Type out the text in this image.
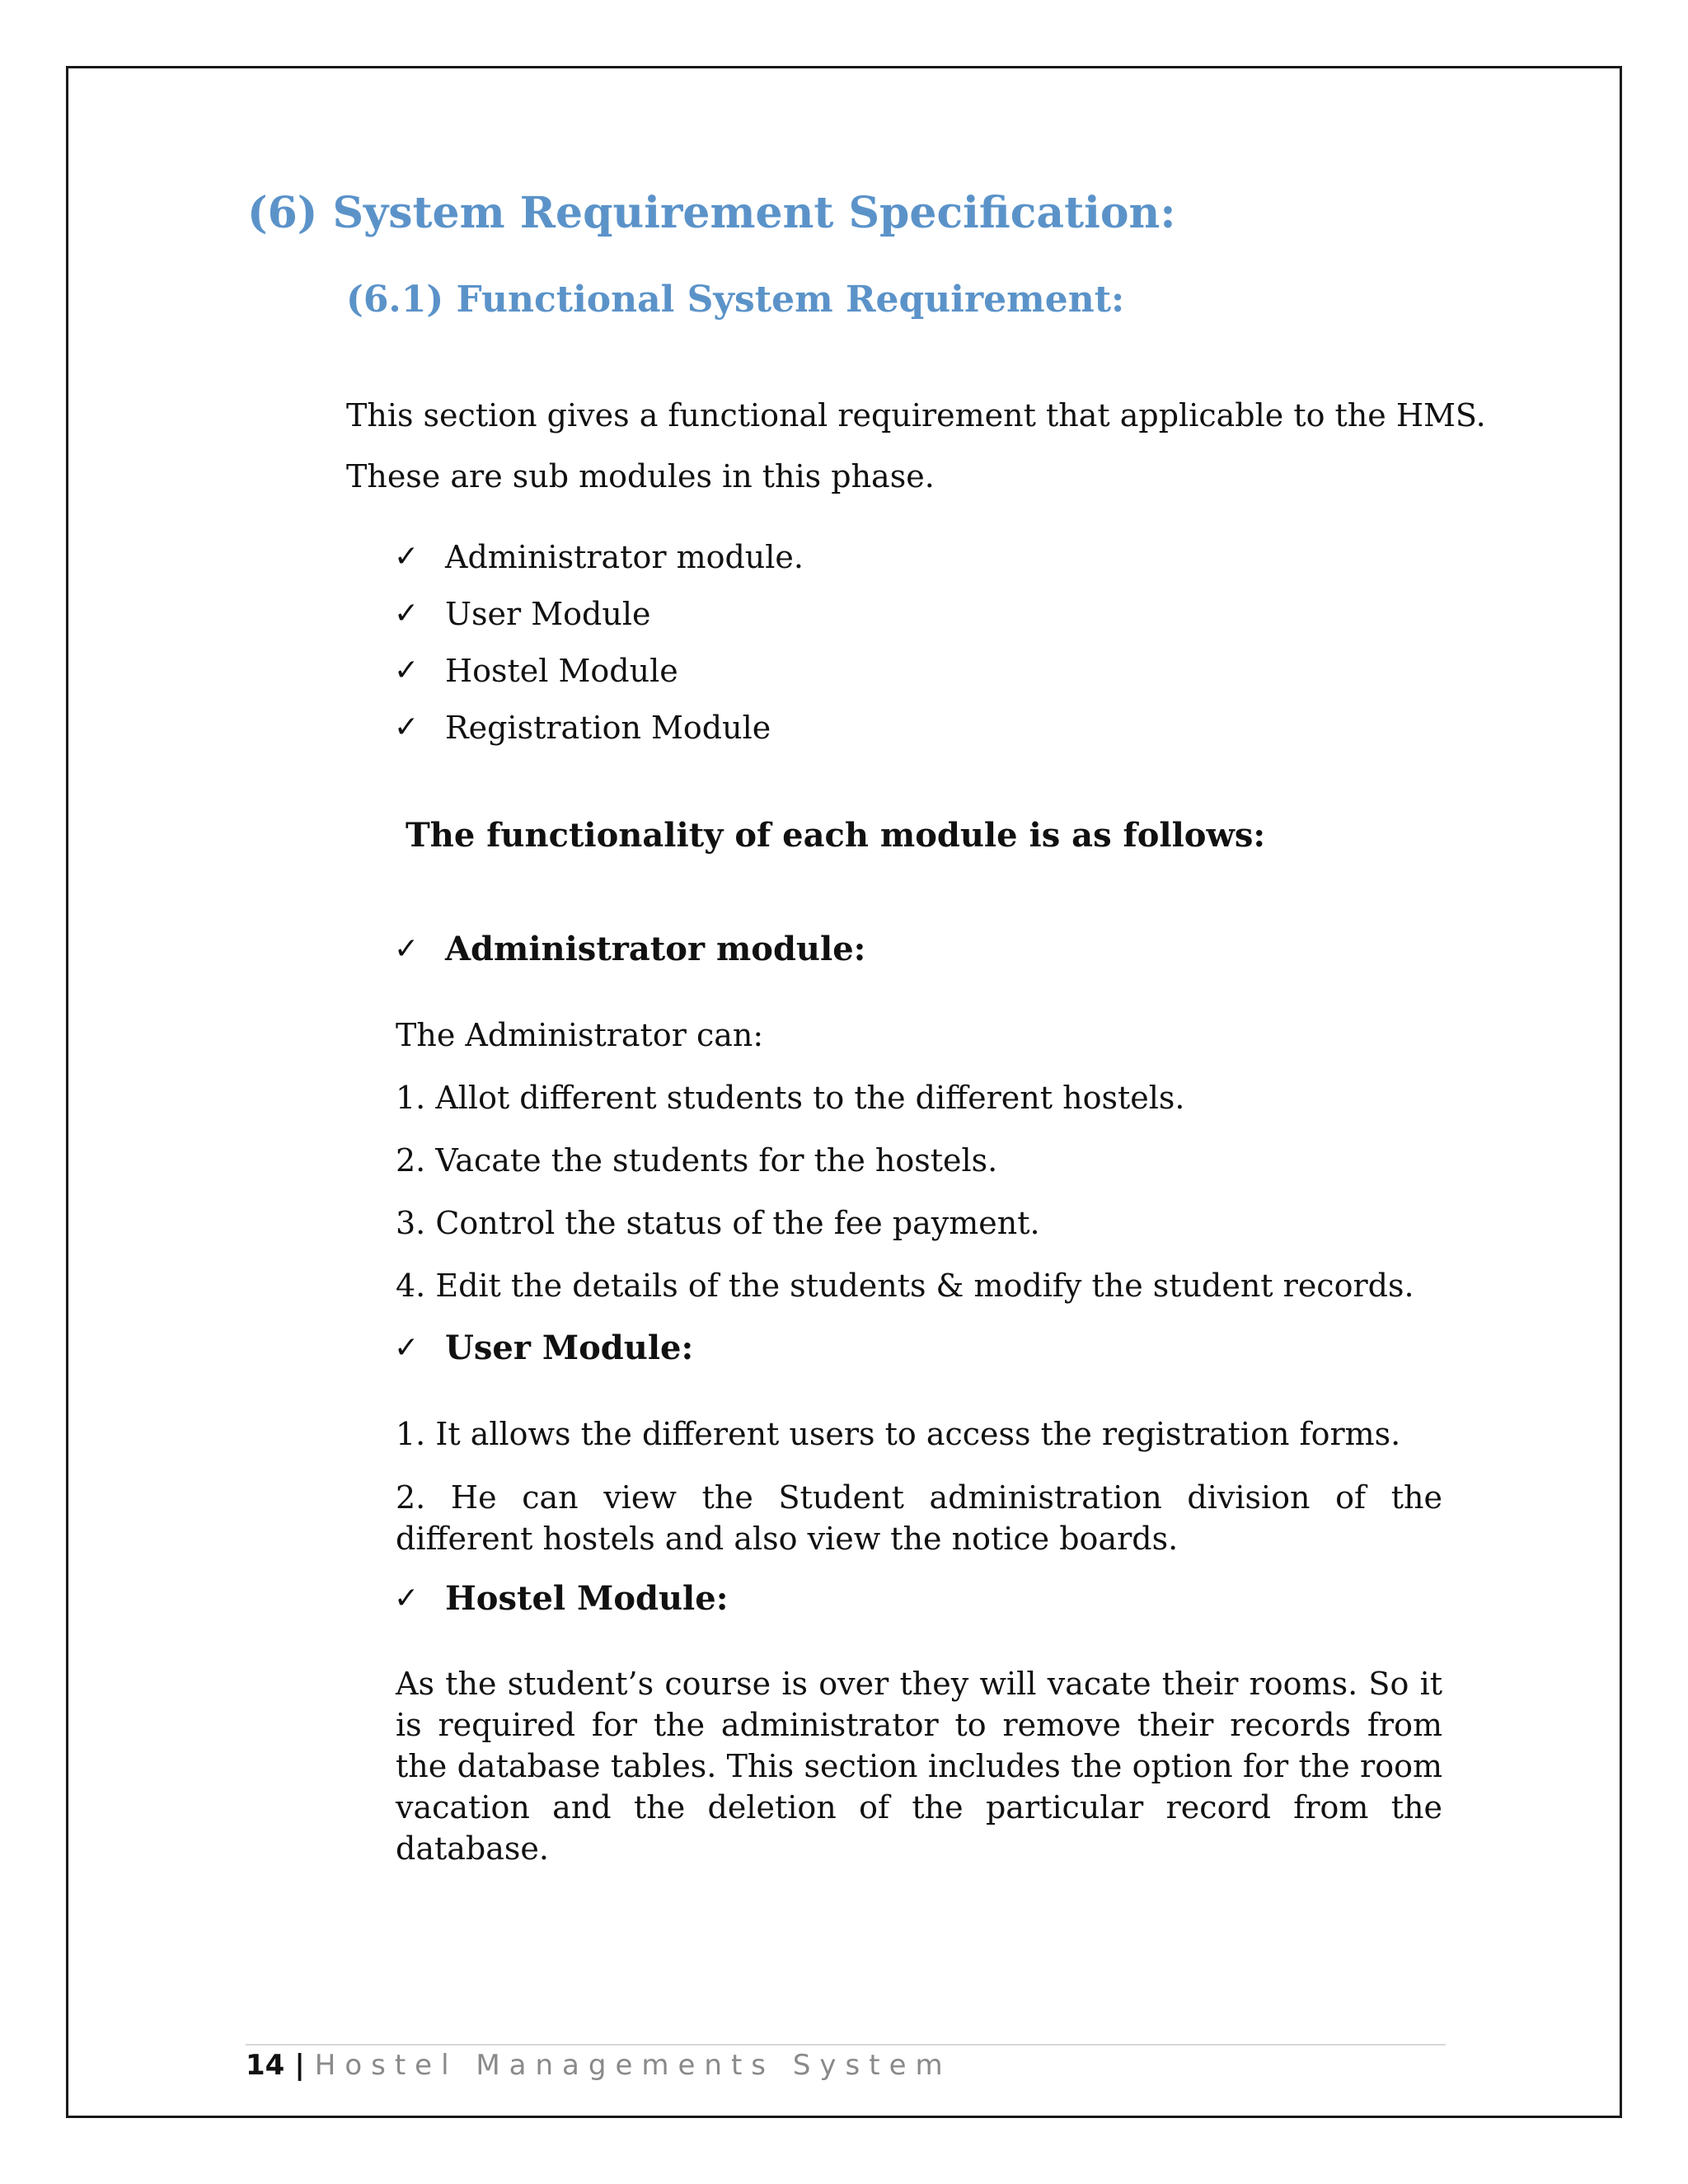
(6) System Requirement Specification:
(6.1) Functional System Requirement:
This section gives a functional requirement that applicable to the HMS.
These are sub modules in this phase.
✓ Administrator module.
✓ User Module
✓ Hostel Module
✓ Registration Module
The functionality of each module is as follows:
✓ Administrator module:
The Administrator can:
1. Allot different students to the different hostels.
2. Vacate the students for the hostels.
3. Control the status of the fee payment.
4. Edit the details of the students & modify the student records.
✓ User Module:
1. It allows the different users to access the registration forms.
2. He can view the Student administration division of the different hostels and also view the notice boards.
✓ Hostel Module:
As the student’s course is over they will vacate their rooms. So it is required for the administrator to remove their records from the database tables. This section includes the option for the room vacation and the deletion of the particular record from the database.
14 | Hostel Managements System
